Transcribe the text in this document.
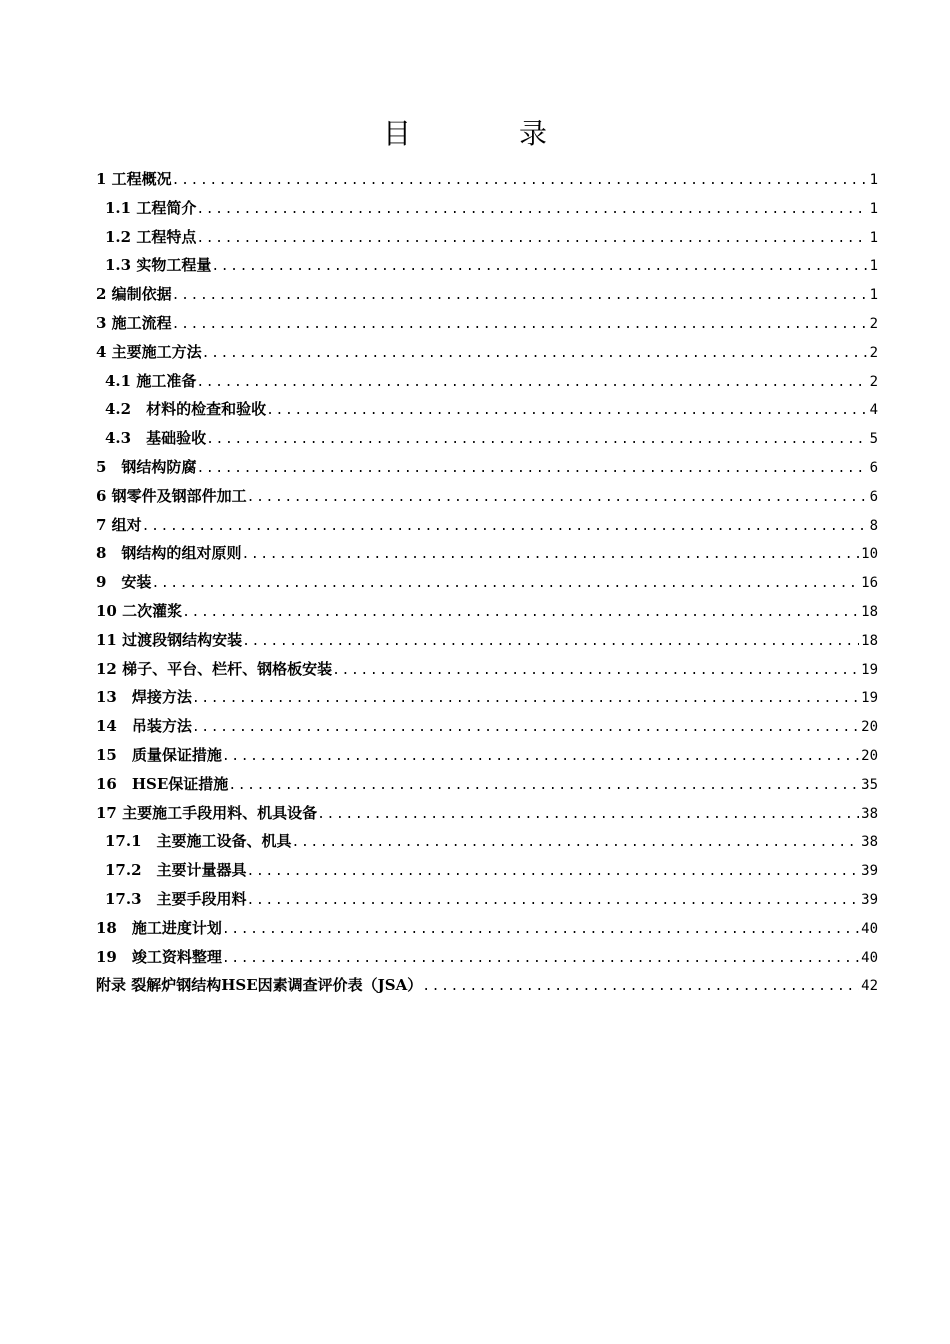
目　录
1 工程概况 .....	1
1.1 工程简介 .....	1
1.2 工程特点 .....	1
1.3 实物工程量 .....	1
2 编制依据 .....	1
3 施工流程 .....	2
4 主要施工方法 .....	2
4.1 施工准备 .....	2
4.2　材料的检查和验收 .....	4
4.3　基础验收 .....	5
5　钢结构防腐 .....	6
6 钢零件及钢部件加工 .....	6
7 组对 .....	8
8　钢结构的组对原则 .....	10
9　安装 .....	16
10 二次灌浆 .....	18
11 过渡段钢结构安装 .....	18
12 梯子、平台、栏杆、钢格板安装 .....	19
13　焊接方法 .....	19
14　吊装方法 .....	20
15　质量保证措施 .....	20
16　HSE保证措施 .....	35
17 主要施工手段用料、机具设备 .....	38
17.1　主要施工设备、机具 .....	38
17.2　主要计量器具 .....	39
17.3　主要手段用料 .....	39
18　施工进度计划 .....	40
19　竣工资料整理 .....	40
附录 裂解炉钢结构HSE因素调查评价表（JSA） .....	42
